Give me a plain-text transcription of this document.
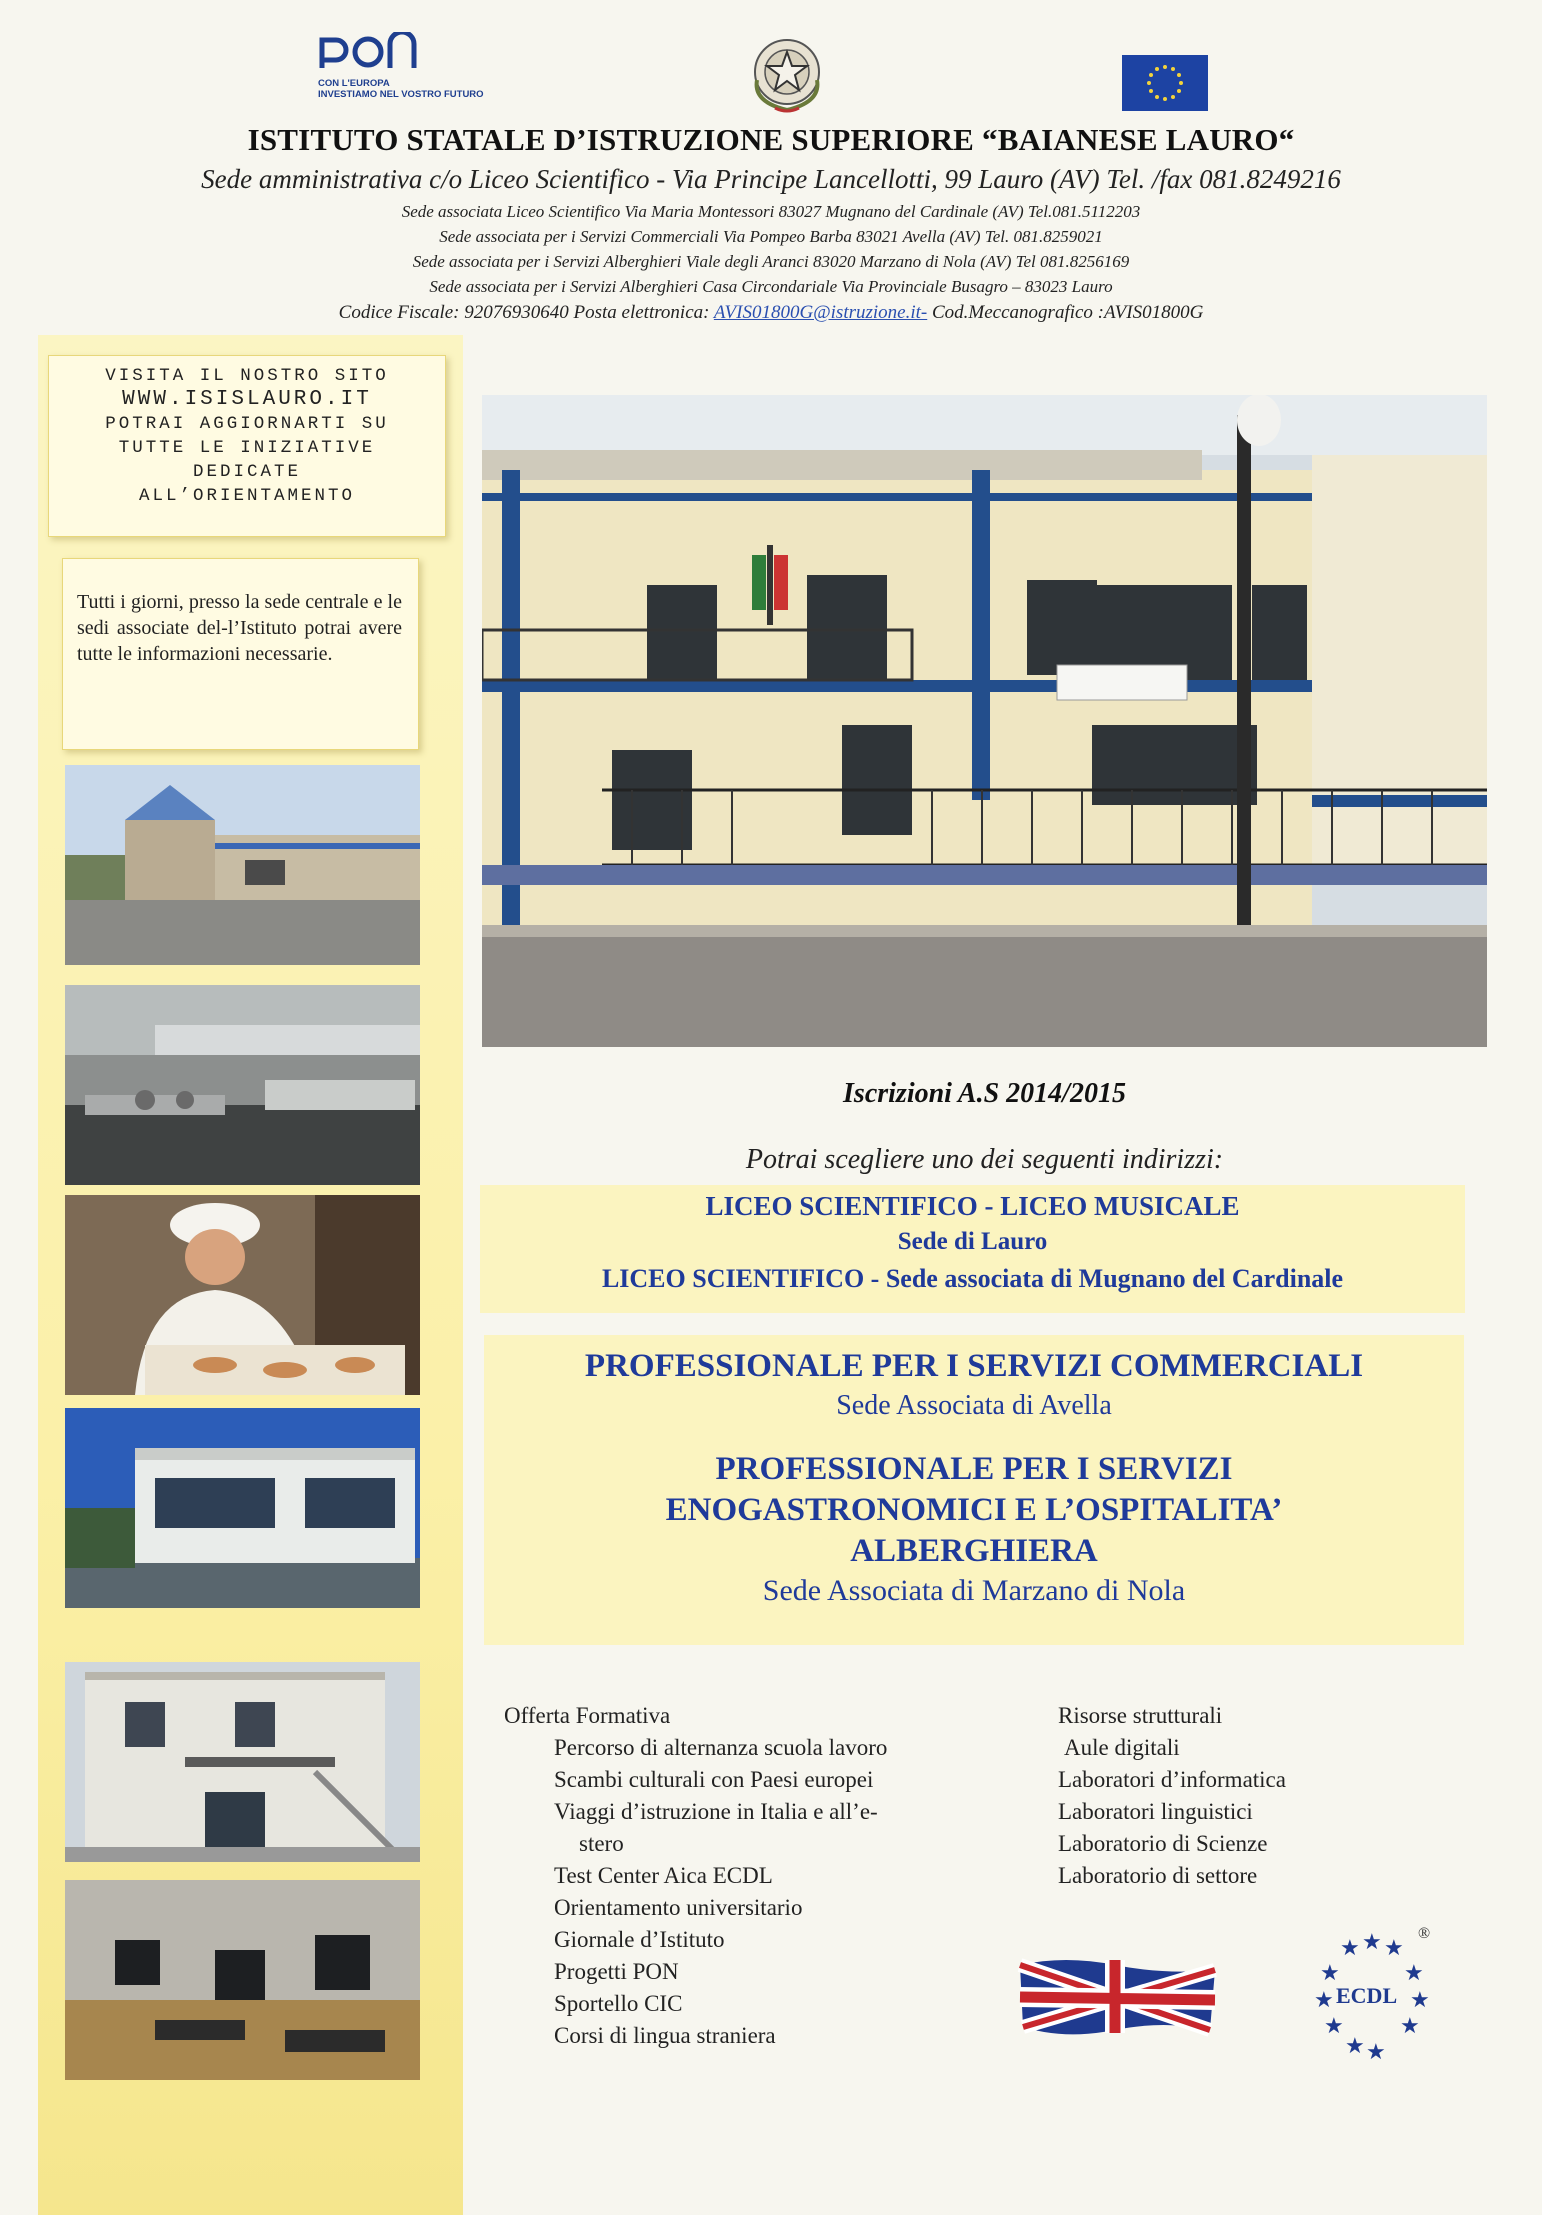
CON L'EUROPA
INVESTIAMO NEL VOSTRO FUTURO
ISTITUTO STATALE D’ISTRUZIONE SUPERIORE “BAIANESE LAURO“
Sede amministrativa c/o Liceo Scientifico - Via Principe Lancellotti, 99 Lauro (AV) Tel. /fax 081.8249216
Sede associata Liceo Scientifico Via Maria Montessori 83027 Mugnano del Cardinale (AV) Tel.081.5112203
Sede associata per i Servizi Commerciali Via Pompeo Barba 83021 Avella (AV) Tel. 081.8259021
Sede associata per i Servizi Alberghieri Viale degli Aranci 83020 Marzano di Nola (AV) Tel 081.8256169
Sede associata per i Servizi Alberghieri Casa Circondariale Via Provinciale Busagro – 83023 Lauro
Codice Fiscale: 92076930640 Posta elettronica: AVIS01800G@istruzione.it- Cod.Meccanografico :AVIS01800G
VISITA IL NOSTRO SITO
WWW.ISISLAURO.IT
POTRAI AGGIORNARTI SU
TUTTE LE INIZIATIVE
DEDICATE
ALL’ORIENTAMENTO
Tutti i giorni, presso la sede centrale e le sedi associate del-l’Istituto potrai avere tutte le informazioni necessarie.
Iscrizioni A.S 2014/2015
Potrai scegliere uno dei seguenti indirizzi:
LICEO SCIENTIFICO - LICEO MUSICALE
Sede di Lauro
LICEO SCIENTIFICO - Sede associata di Mugnano del Cardinale
PROFESSIONALE PER I SERVIZI COMMERCIALI
Sede Associata di Avella
PROFESSIONALE PER I SERVIZI
ENOGASTRONOMICI E L’OSPITALITA’
ALBERGHIERA
Sede Associata di Marzano di Nola
Offerta Formativa
Percorso di alternanza scuola lavoro
Scambi culturali con Paesi europei
Viaggi d’istruzione in Italia e all’e-
stero
Test Center Aica ECDL
Orientamento universitario
Giornale d’Istituto
Progetti PON
Sportello CIC
Corsi di lingua straniera
Risorse strutturali
Aule digitali
Laboratori d’informatica
Laboratori linguistici
Laboratorio di Scienze
Laboratorio di settore
★ ★ ★
★	★
★	★
★	★
★ ★
ECDL
®
